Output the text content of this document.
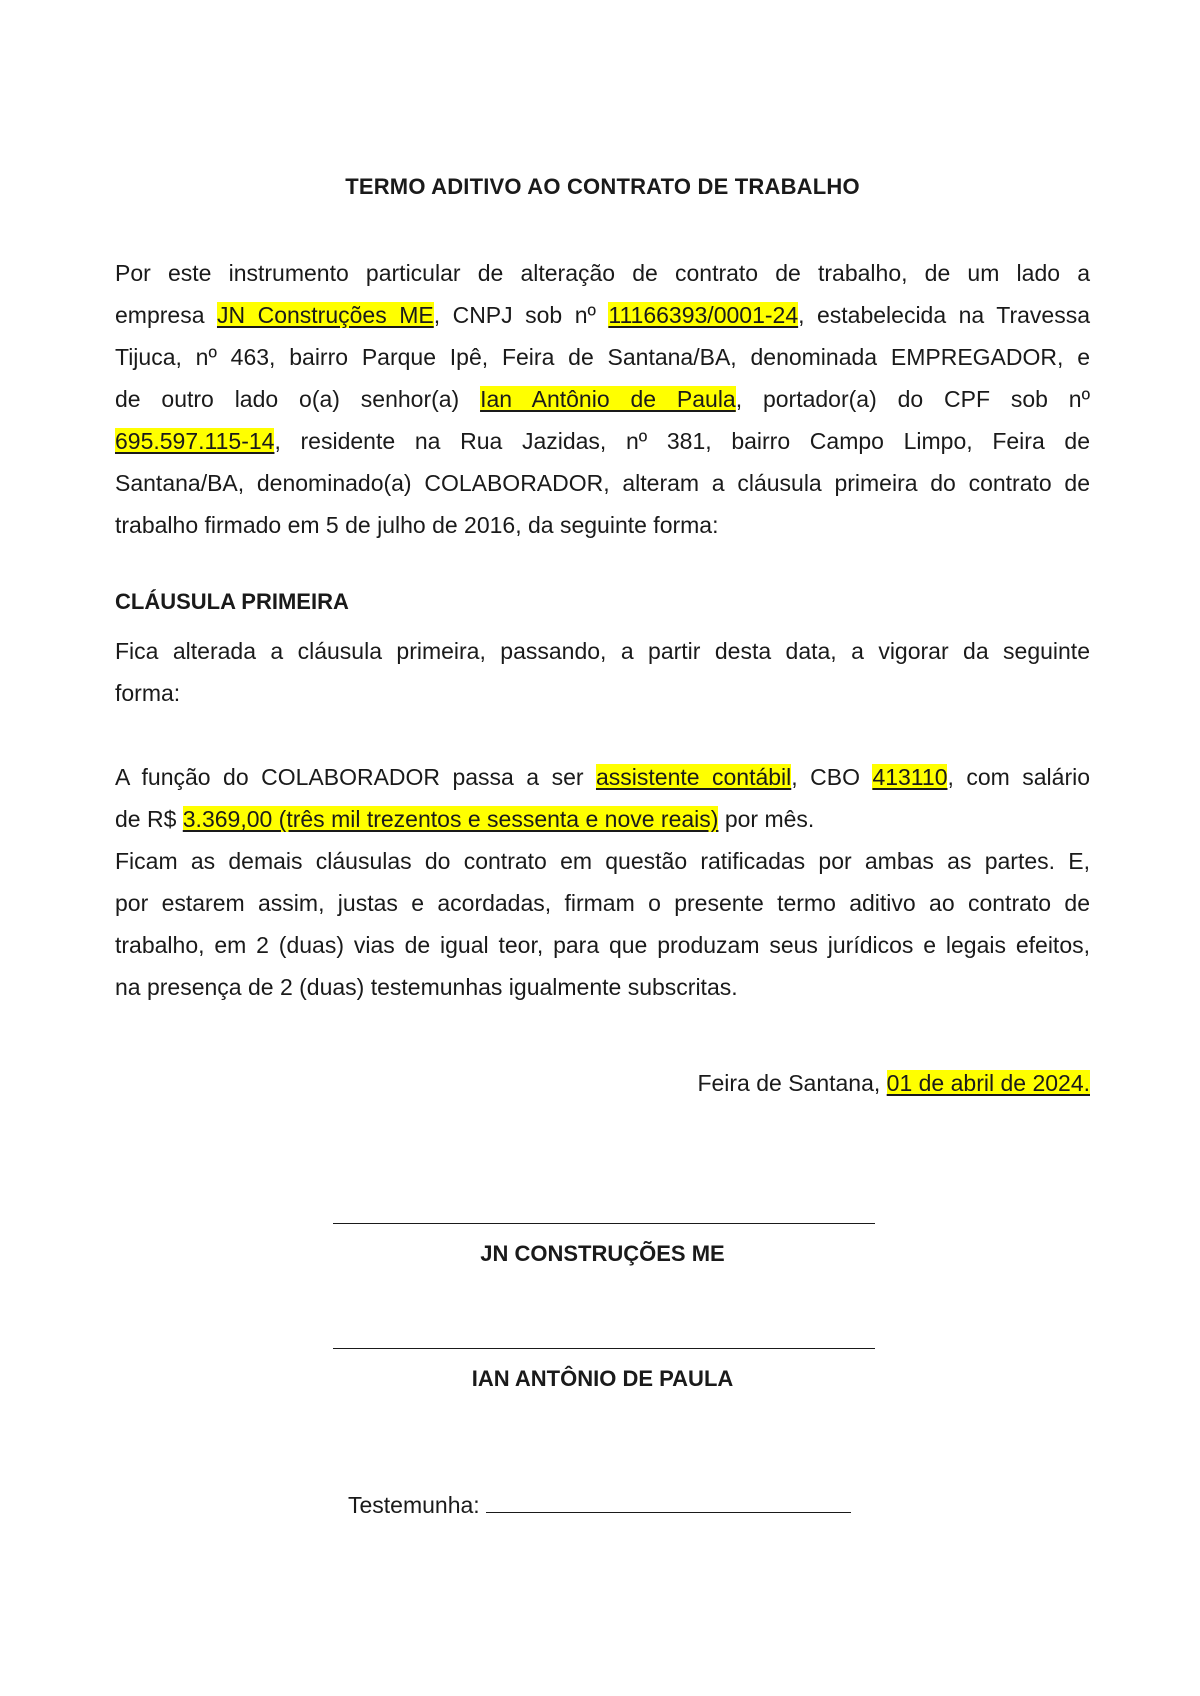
TERMO ADITIVO AO CONTRATO DE TRABALHO
Por este instrumento particular de alteração de contrato de trabalho, de um lado a
empresa JN Construções ME, CNPJ sob nº 11166393/0001-24, estabelecida na Travessa
Tijuca, nº 463, bairro Parque Ipê, Feira de Santana/BA, denominada EMPREGADOR, e
de outro lado o(a) senhor(a) Ian Antônio de Paula, portador(a) do CPF sob nº
695.597.115-14, residente na Rua Jazidas, nº 381, bairro Campo Limpo, Feira de
Santana/BA, denominado(a) COLABORADOR, alteram a cláusula primeira do contrato de
trabalho firmado em 5 de julho de 2016, da seguinte forma:
CLÁUSULA PRIMEIRA
Fica alterada a cláusula primeira, passando, a partir desta data, a vigorar da seguinte
forma:
A função do COLABORADOR passa a ser assistente contábil, CBO 413110, com salário
de R$ 3.369,00 (três mil trezentos e sessenta e nove reais) por mês.
Ficam as demais cláusulas do contrato em questão ratificadas por ambas as partes. E,
por estarem assim, justas e acordadas, firmam o presente termo aditivo ao contrato de
trabalho, em 2 (duas) vias de igual teor, para que produzam seus jurídicos e legais efeitos,
na presença de 2 (duas) testemunhas igualmente subscritas.
Feira de Santana, 01 de abril de 2024.
JN CONSTRUÇÕES ME
IAN ANTÔNIO DE PAULA
Testemunha:
